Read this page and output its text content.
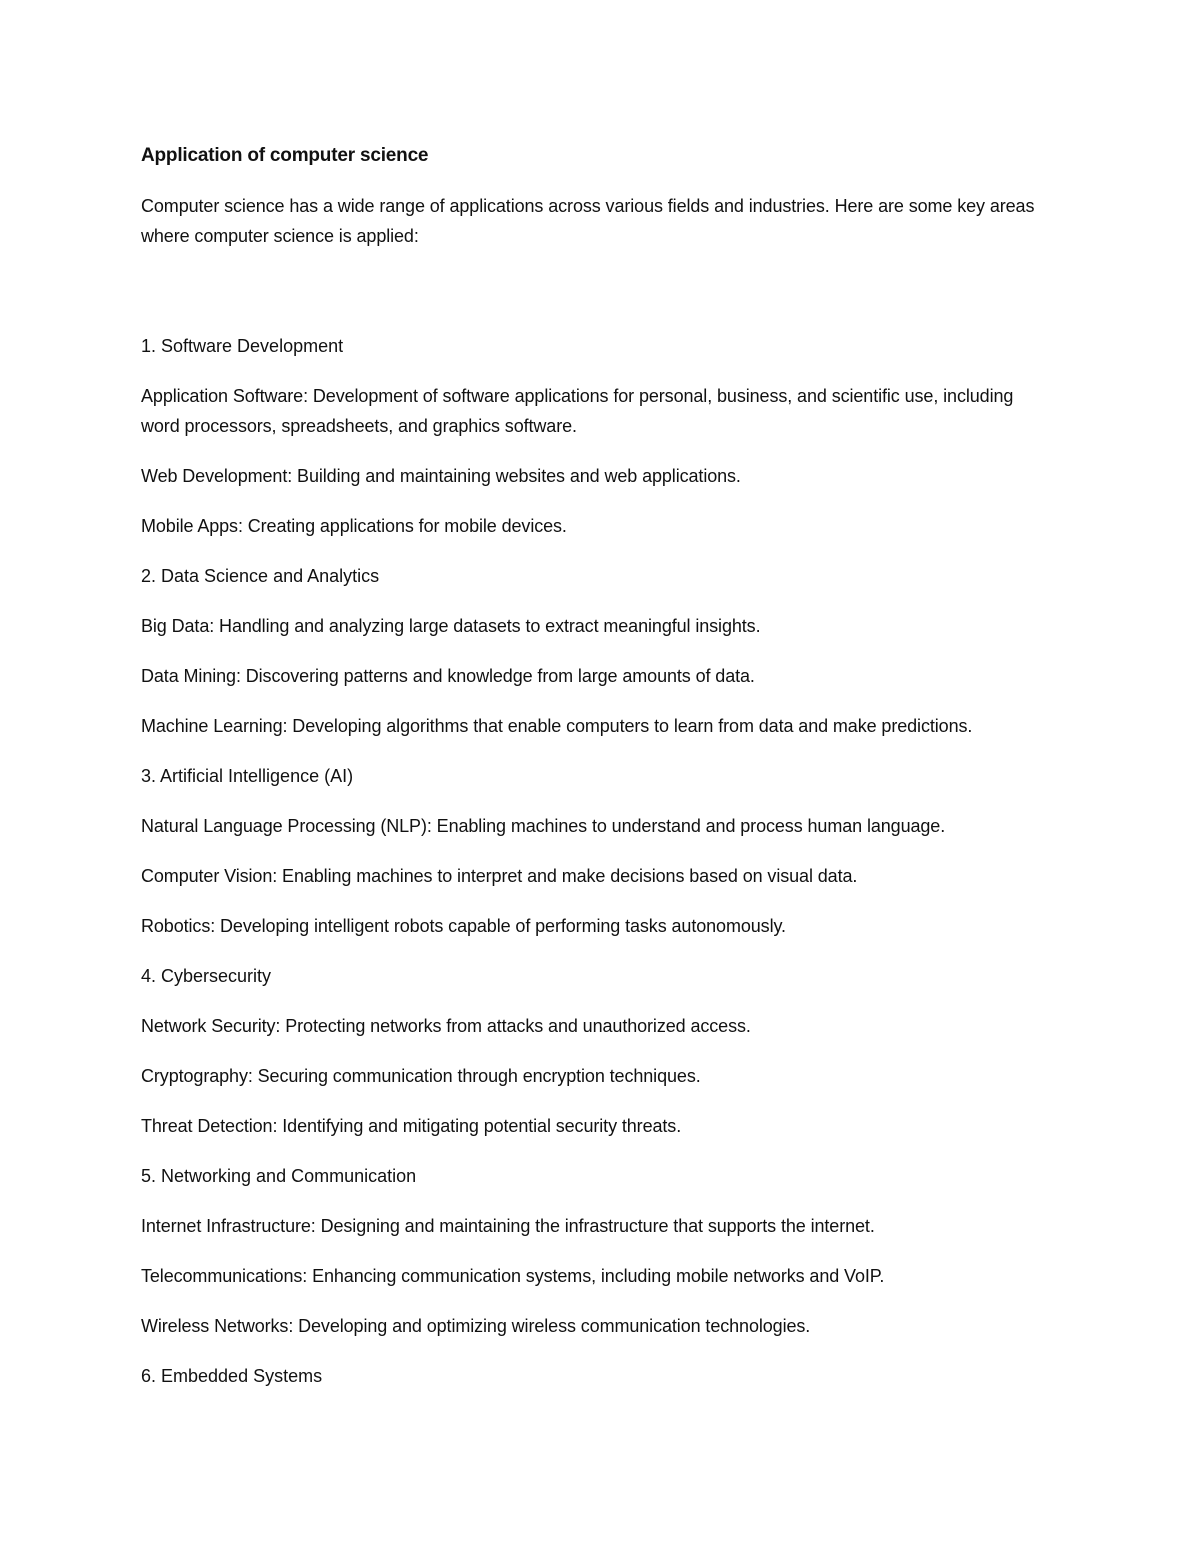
Application of computer science
Computer science has a wide range of applications across various fields and industries. Here are some key areas where computer science is applied:
1. Software Development
Application Software: Development of software applications for personal, business, and scientific use, including word processors, spreadsheets, and graphics software.
Web Development: Building and maintaining websites and web applications.
Mobile Apps: Creating applications for mobile devices.
2. Data Science and Analytics
Big Data: Handling and analyzing large datasets to extract meaningful insights.
Data Mining: Discovering patterns and knowledge from large amounts of data.
Machine Learning: Developing algorithms that enable computers to learn from data and make predictions.
3. Artificial Intelligence (AI)
Natural Language Processing (NLP): Enabling machines to understand and process human language.
Computer Vision: Enabling machines to interpret and make decisions based on visual data.
Robotics: Developing intelligent robots capable of performing tasks autonomously.
4. Cybersecurity
Network Security: Protecting networks from attacks and unauthorized access.
Cryptography: Securing communication through encryption techniques.
Threat Detection: Identifying and mitigating potential security threats.
5. Networking and Communication
Internet Infrastructure: Designing and maintaining the infrastructure that supports the internet.
Telecommunications: Enhancing communication systems, including mobile networks and VoIP.
Wireless Networks: Developing and optimizing wireless communication technologies.
6. Embedded Systems
